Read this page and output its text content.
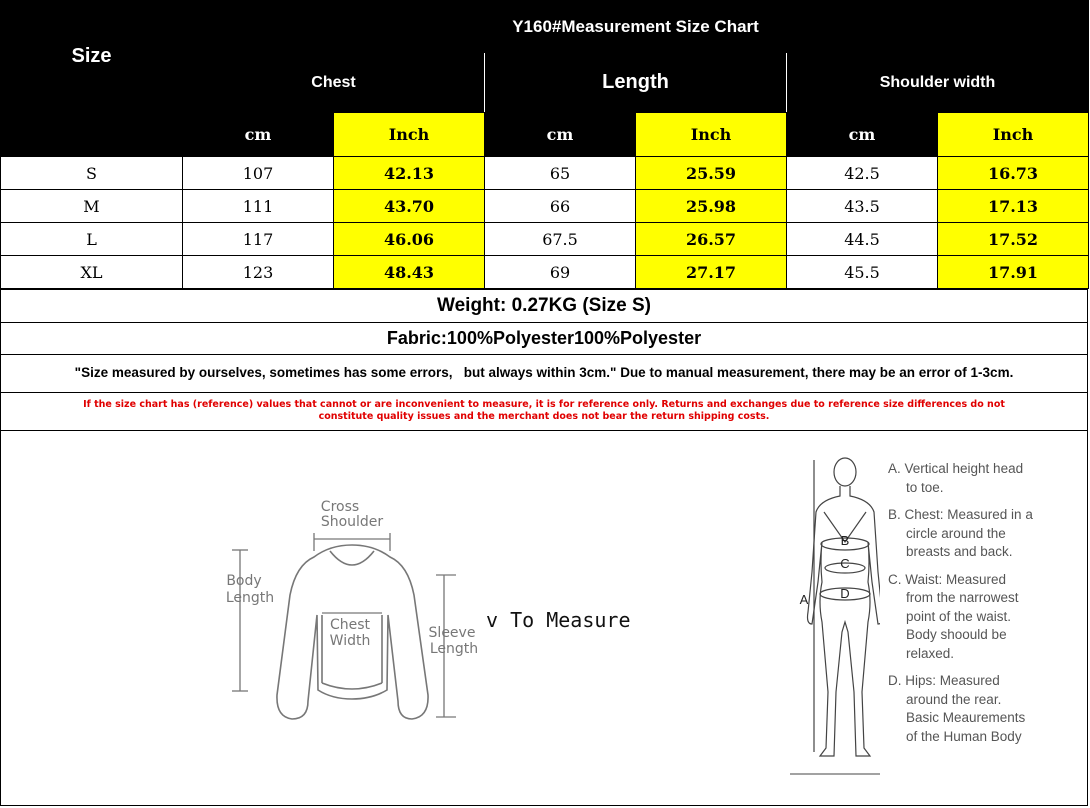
Size	Y160#Measurement Size Chart					
	Chest		Length		Shoulder width	
	cm	Inch	cm	Inch	cm	Inch
S	107	42.13	65	25.59	42.5	16.73
M	111	43.70	66	25.98	43.5	17.13
L	117	46.06	67.5	26.57	44.5	17.52
XL	123	48.43	69	27.17	45.5	17.91
Weight: 0.27KG (Size S)
Fabric:100%Polyester100%Polyester
"Size measured by ourselves, sometimes has some errors,   but always within 3cm." Due to manual measurement, there may be an error of 1-3cm.
If the size chart has (reference) values that cannot or are inconvenient to measure, it is for reference only. Returns and exchanges due to reference size differences do not
constitute quality issues and the merchant does not bear the return shipping costs.
Cross
Shoulder
Body
Length
Chest
Width	Sleeve
Length
v To Measure
A
B
C
D

A. Vertical height head
to toe.

B. Chest: Measured in a
circle around the
breasts and back.

C. Waist: Measured
from the narrowest
point of the waist.
Body shoould be
relaxed.

D. Hips: Measured
around the rear.
Basic Meaurements
of the Human Body
